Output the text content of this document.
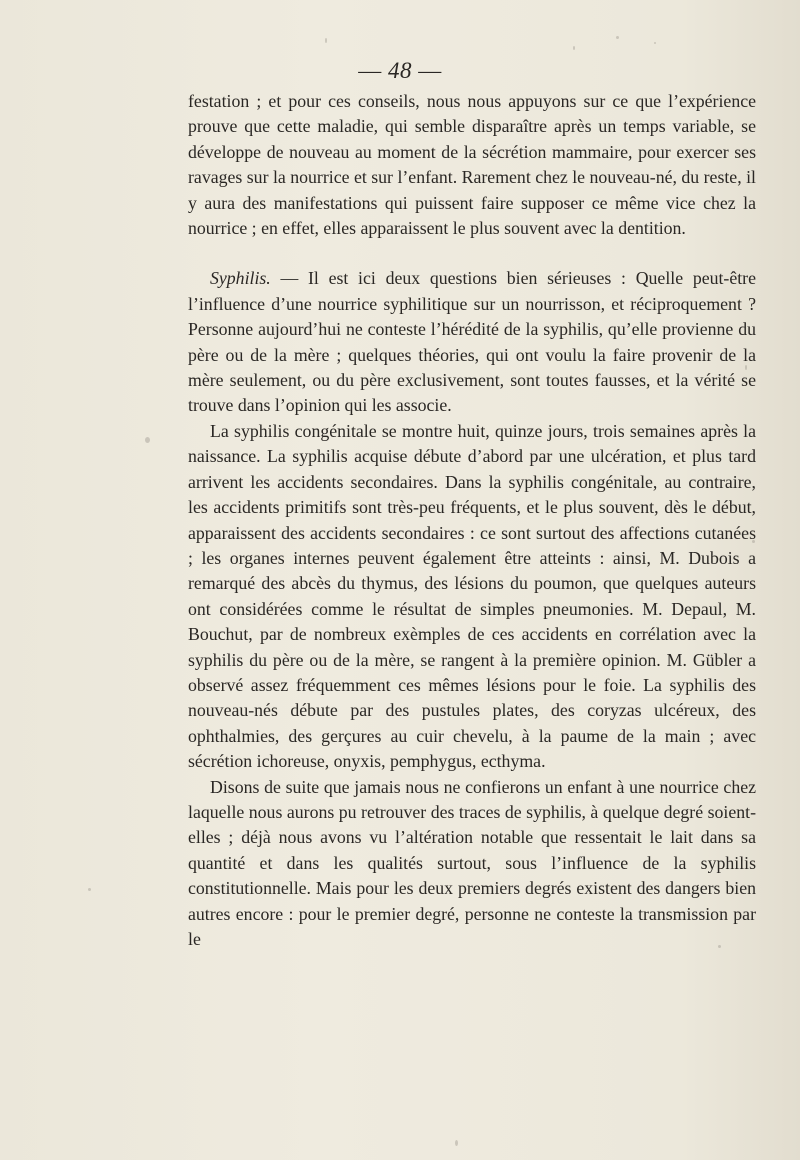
— 48 —

festation ; et pour ces conseils, nous nous appuyons sur ce que l’expérience prouve que cette maladie, qui semble disparaître après un temps variable, se développe de nouveau au moment de la sécrétion mammaire, pour exercer ses ravages sur la nourrice et sur l’enfant. Rarement chez le nouveau-né, du reste, il y aura des manifestations qui puissent faire supposer ce même vice chez la nourrice ; en effet, elles apparaissent le plus souvent avec la dentition.

Syphilis. — Il est ici deux questions bien sérieuses : Quelle peut-être l’influence d’une nourrice syphilitique sur un nourrisson, et réciproquement ? Personne aujourd’hui ne conteste l’hérédité de la syphilis, qu’elle provienne du père ou de la mère ; quelques théories, qui ont voulu la faire provenir de la mère seulement, ou du père exclusivement, sont toutes fausses, et la vérité se trouve dans l’opinion qui les associe.

La syphilis congénitale se montre huit, quinze jours, trois semaines après la naissance. La syphilis acquise débute d’abord par une ulcération, et plus tard arrivent les accidents secondaires. Dans la syphilis congénitale, au contraire, les accidents primitifs sont très-peu fréquents, et le plus souvent, dès le début, apparaissent des accidents secondaires : ce sont surtout des affections cutanées ; les organes internes peuvent également être atteints : ainsi, M. Dubois a remarqué des abcès du thymus, des lésions du poumon, que quelques auteurs ont considérées comme le résultat de simples pneumonies. M. Depaul, M. Bouchut, par de nombreux exèmples de ces accidents en corrélation avec la syphilis du père ou de la mère, se rangent à la première opinion. M. Gübler a observé assez fréquemment ces mêmes lésions pour le foie. La syphilis des nouveau-nés débute par des pustules plates, des coryzas ulcéreux, des ophthalmies, des gerçures au cuir chevelu, à la paume de la main ; avec sécrétion ichoreuse, onyxis, pemphygus, ecthyma.

Disons de suite que jamais nous ne confierons un enfant à une nourrice chez laquelle nous aurons pu retrouver des traces de syphilis, à quelque degré soient-elles ; déjà nous avons vu l’altération notable que ressentait le lait dans sa quantité et dans les qualités surtout, sous l’influence de la syphilis constitutionnelle. Mais pour les deux premiers degrés existent des dangers bien autres encore : pour le premier degré, personne ne conteste la transmission par le
